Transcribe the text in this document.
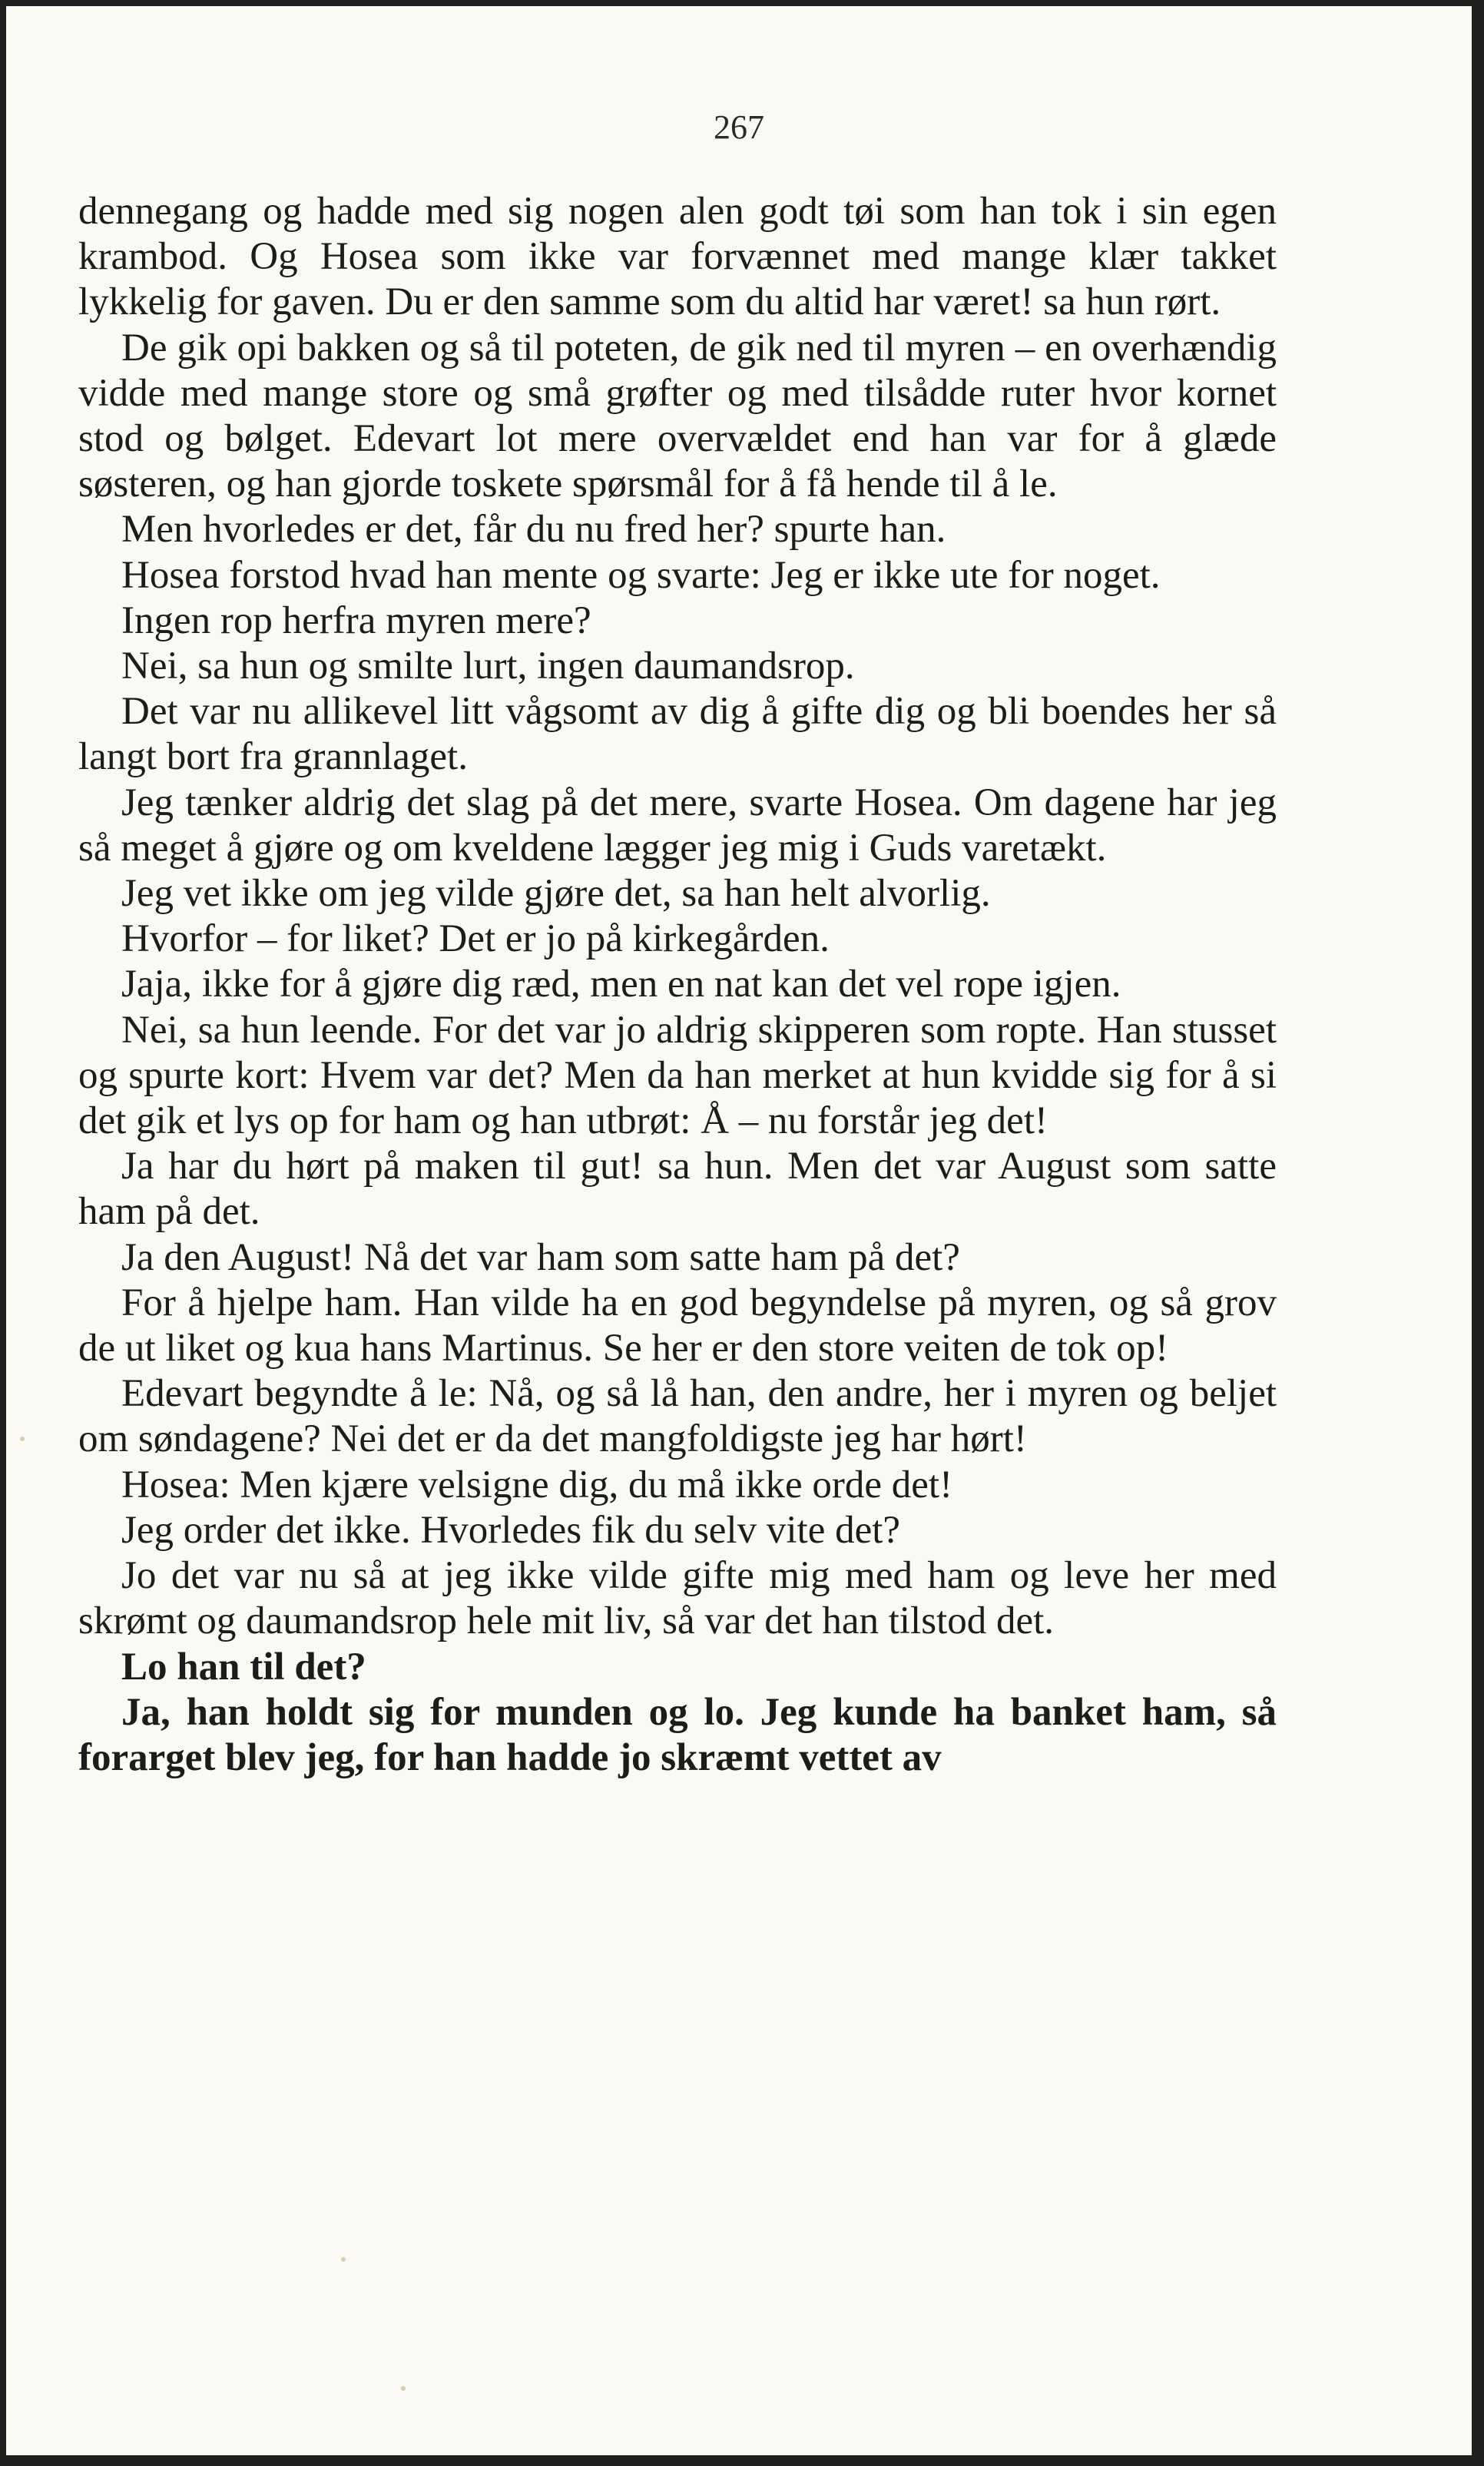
267

dennegang og hadde med sig nogen alen godt tøi som han tok i sin egen krambod. Og Hosea som ikke var forvænnet med mange klær takket lykkelig for gaven. Du er den samme som du altid har været! sa hun rørt.

De gik opi bakken og så til poteten, de gik ned til myren – en overhændig vidde med mange store og små grøfter og med tilsådde ruter hvor kornet stod og bølget. Edevart lot mere overvældet end han var for å glæde søsteren, og han gjorde toskete spørsmål for å få hende til å le.

Men hvorledes er det, får du nu fred her? spurte han.

Hosea forstod hvad han mente og svarte: Jeg er ikke ute for noget.

Ingen rop herfra myren mere?

Nei, sa hun og smilte lurt, ingen daumandsrop.

Det var nu allikevel litt vågsomt av dig å gifte dig og bli boendes her så langt bort fra grannlaget.

Jeg tænker aldrig det slag på det mere, svarte Hosea. Om dagene har jeg så meget å gjøre og om kveldene lægger jeg mig i Guds varetækt.

Jeg vet ikke om jeg vilde gjøre det, sa han helt alvorlig.

Hvorfor – for liket? Det er jo på kirkegården.

Jaja, ikke for å gjøre dig ræd, men en nat kan det vel rope igjen.

Nei, sa hun leende. For det var jo aldrig skipperen som ropte. Han stusset og spurte kort: Hvem var det? Men da han merket at hun kvidde sig for å si det gik et lys op for ham og han utbrøt: Å – nu forstår jeg det!

Ja har du hørt på maken til gut! sa hun. Men det var August som satte ham på det.

Ja den August! Nå det var ham som satte ham på det?

For å hjelpe ham. Han vilde ha en god begyndelse på myren, og så grov de ut liket og kua hans Martinus. Se her er den store veiten de tok op!

Edevart begyndte å le: Nå, og så lå han, den andre, her i myren og beljet om søndagene? Nei det er da det mangfoldigste jeg har hørt!

Hosea: Men kjære velsigne dig, du må ikke orde det!

Jeg order det ikke. Hvorledes fik du selv vite det?

Jo det var nu så at jeg ikke vilde gifte mig med ham og leve her med skrømt og daumandsrop hele mit liv, så var det han tilstod det.

Lo han til det?

Ja, han holdt sig for munden og lo. Jeg kunde ha banket ham, så forarget blev jeg, for han hadde jo skræmt vettet av
